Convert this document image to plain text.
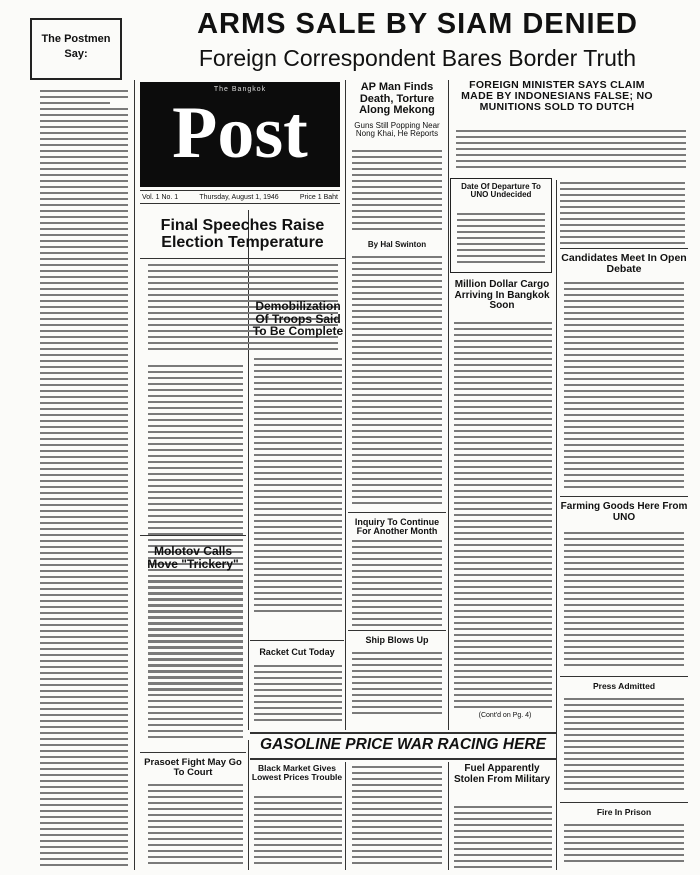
The Postmen Say:
ARMS SALE BY SIAM DENIED
Foreign Correspondent Bares Border Truth
The Bangkok
Post
Vol. 1 No. 1	Thursday, August 1, 1946	Price 1 Baht
Final Speeches Raise Election Temperature
Demobilization Of Troops Said To Be Complete
Molotov Calls Move "Trickery"
Racket Cut Today
AP Man Finds Death, Torture Along Mekong
Guns Still Popping Near Nong Khai, He Reports
By Hal Swinton
Inquiry To Continue For Another Month
Ship Blows Up
FOREIGN MINISTER SAYS CLAIM MADE BY INDONESIANS FALSE; NO MUNITIONS SOLD TO DUTCH
Date Of Departure To UNO Undecided
Million Dollar Cargo Arriving In Bangkok Soon
(Cont'd on Pg. 4)
Candidates Meet In Open Debate
Farming Goods Here From UNO
Press Admitted
Fire In Prison
GASOLINE PRICE WAR RACING HERE
Prasoet Fight May Go To Court	Black Market Gives Lowest Prices Trouble
Fuel Apparently Stolen From Military
